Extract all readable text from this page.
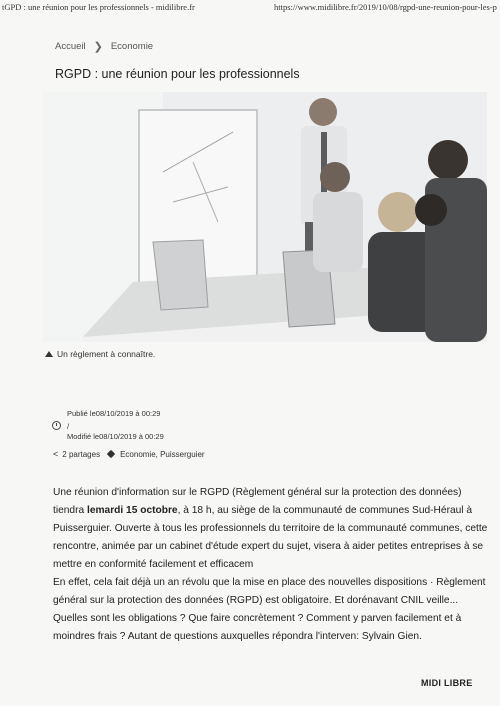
tGPD : une réunion pour les professionnels - midilibre.fr	https://www.midilibre.fr/2019/10/08/rgpd-une-reunion-pour-les-p
Accueil ❯ Economie
RGPD : une réunion pour les professionnels
Un règlement à connaître.
Publié le08/10/2019 à 00:29
/
Modifié le08/10/2019 à 00:29
< 2 partages	Economie, Puisserguier

Une réunion d'information sur le RGPD (Règlement général sur la protection des données) tiendra lemardi 15 octobre, à 18 h, au siège de la communauté de communes Sud-Héraul à Puisserguier. Ouverte à tous les professionnels du territoire de la communauté communes, cette rencontre, animée par un cabinet d'étude expert du sujet, visera à aider petites entreprises à se mettre en conformité facilement et efficacem

En effet, cela fait déjà un an révolu que la mise en place des nouvelles dispositions · Règlement général sur la protection des données (RGPD) est obligatoire. Et dorénavant CNIL veille... Quelles sont les obligations ? Que faire concrètement ? Comment y parven facilement et à moindres frais ? Autant de questions auxquelles répondra l'interven: Sylvain Gien.

MIDI LIBRE
